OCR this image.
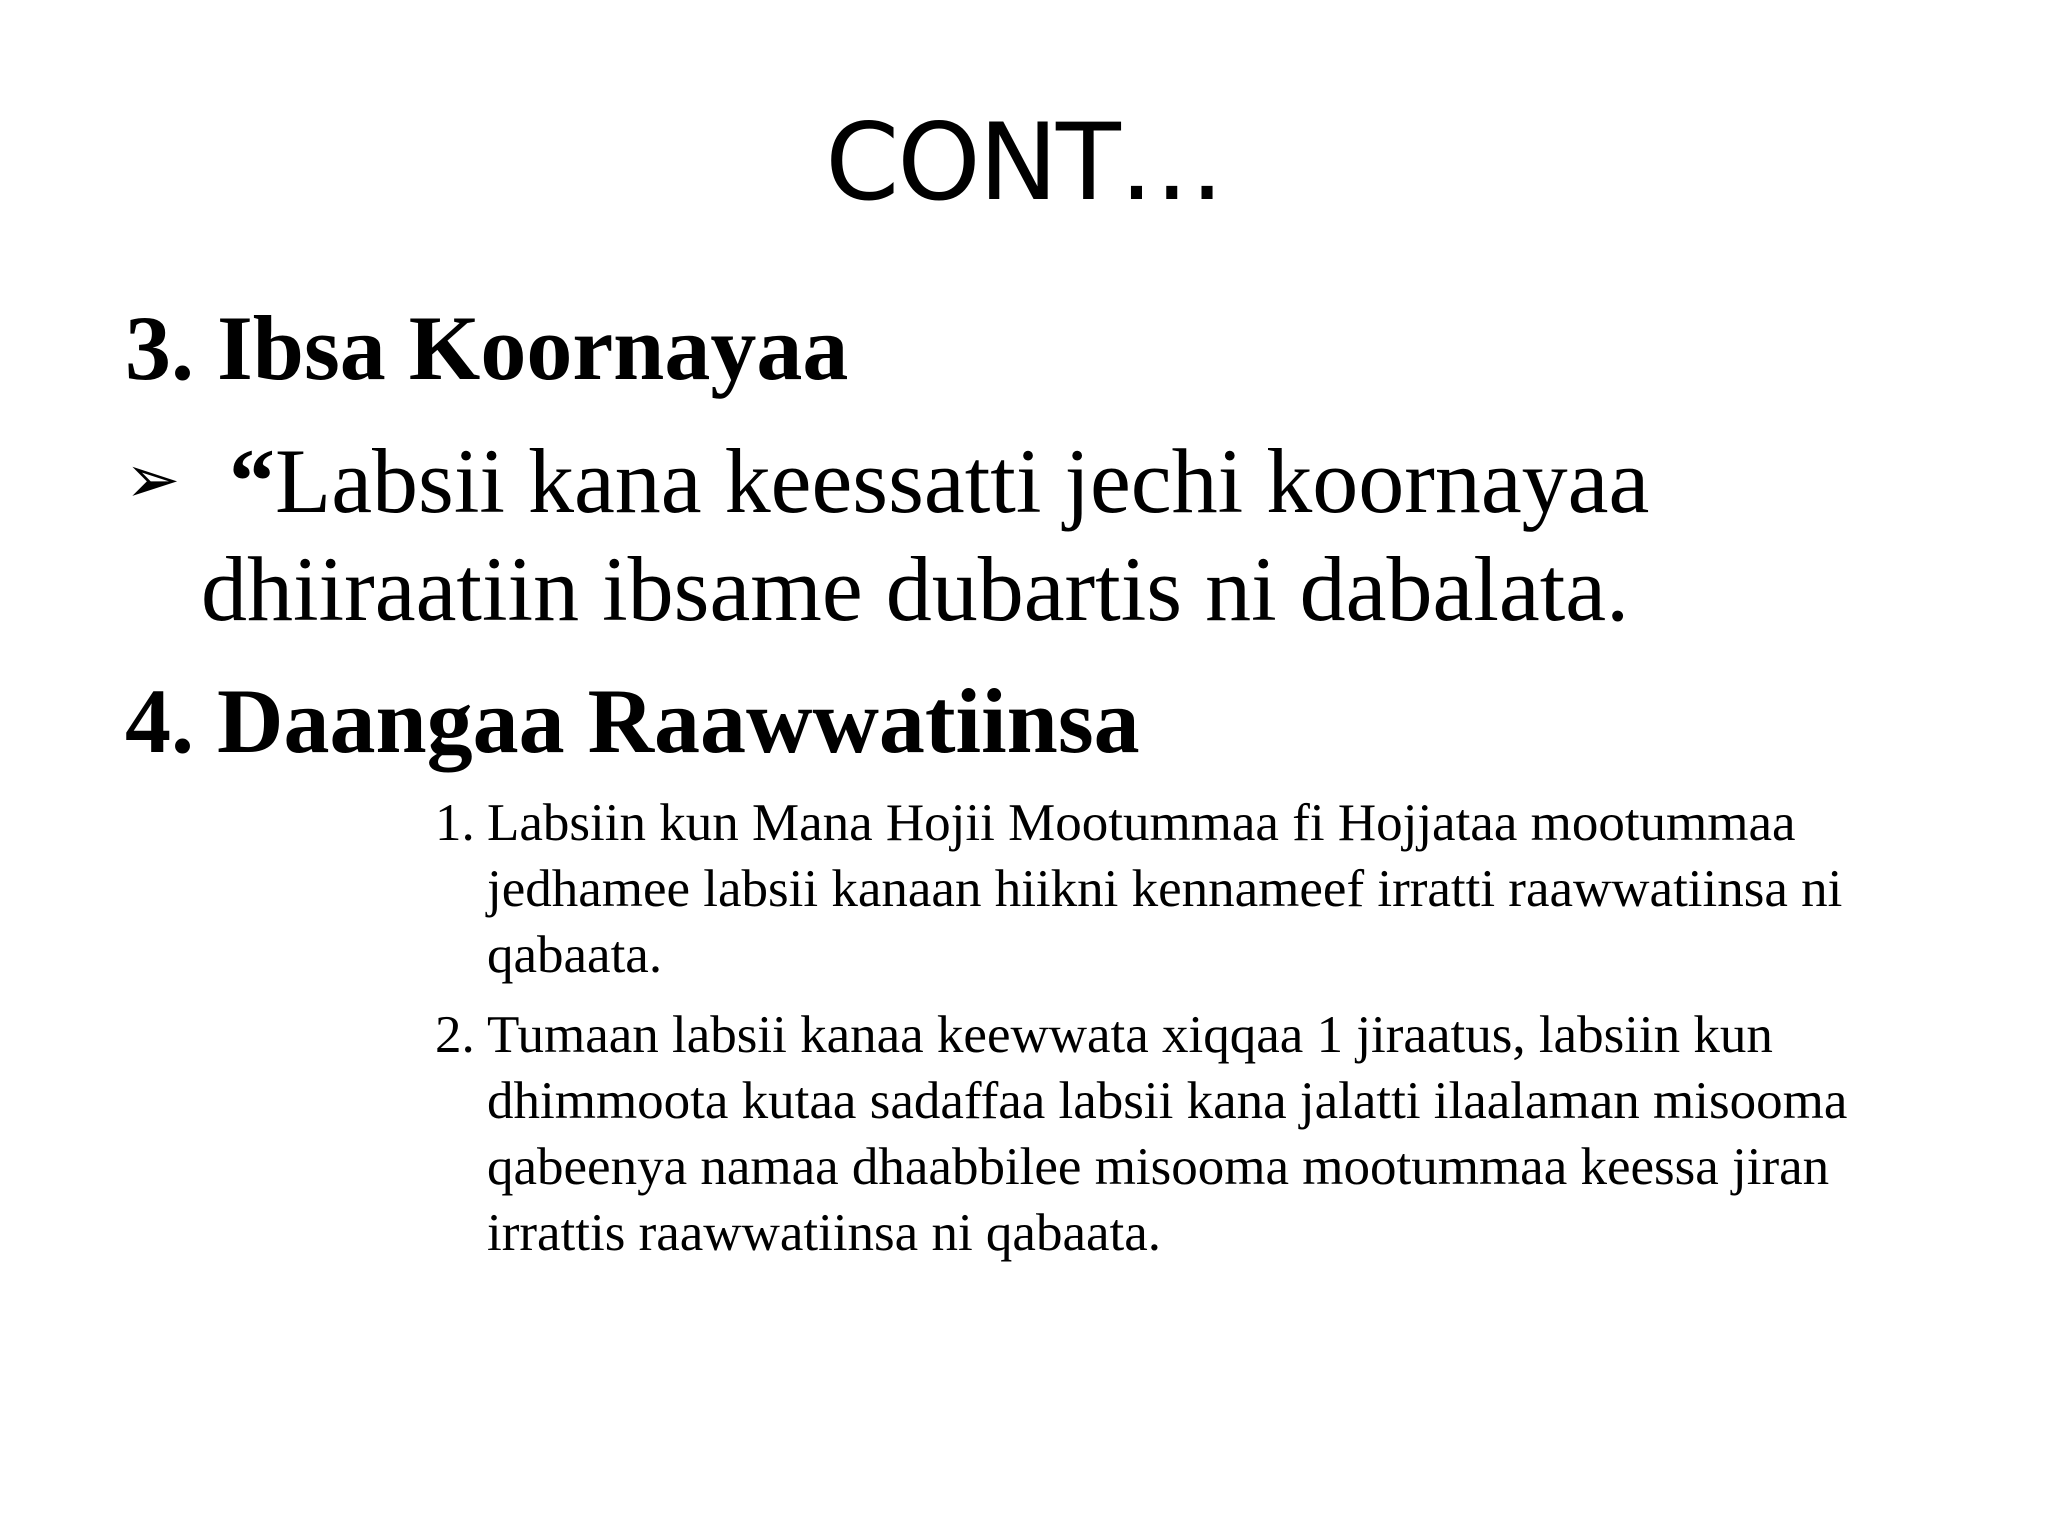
CONT…
3. Ibsa Koornayaa
➢ “Labsii kana keessatti jechi koornayaa
dhiiraatiin ibsame dubartis ni dabalata.
4. Daangaa Raawwatiinsa
1. Labsiin kun Mana Hojii Mootummaa fi Hojjataa mootummaa jedhamee labsii kanaan hiikni kennameef irratti raawwatiinsa ni qabaata.
2. Tumaan labsii kanaa keewwata xiqqaa 1 jiraatus, labsiin kun dhimmoota kutaa sadaffaa labsii kana jalatti ilaalaman misooma qabeenya namaa dhaabbilee misooma mootummaa keessa jiran irrattis raawwatiinsa ni qabaata.
